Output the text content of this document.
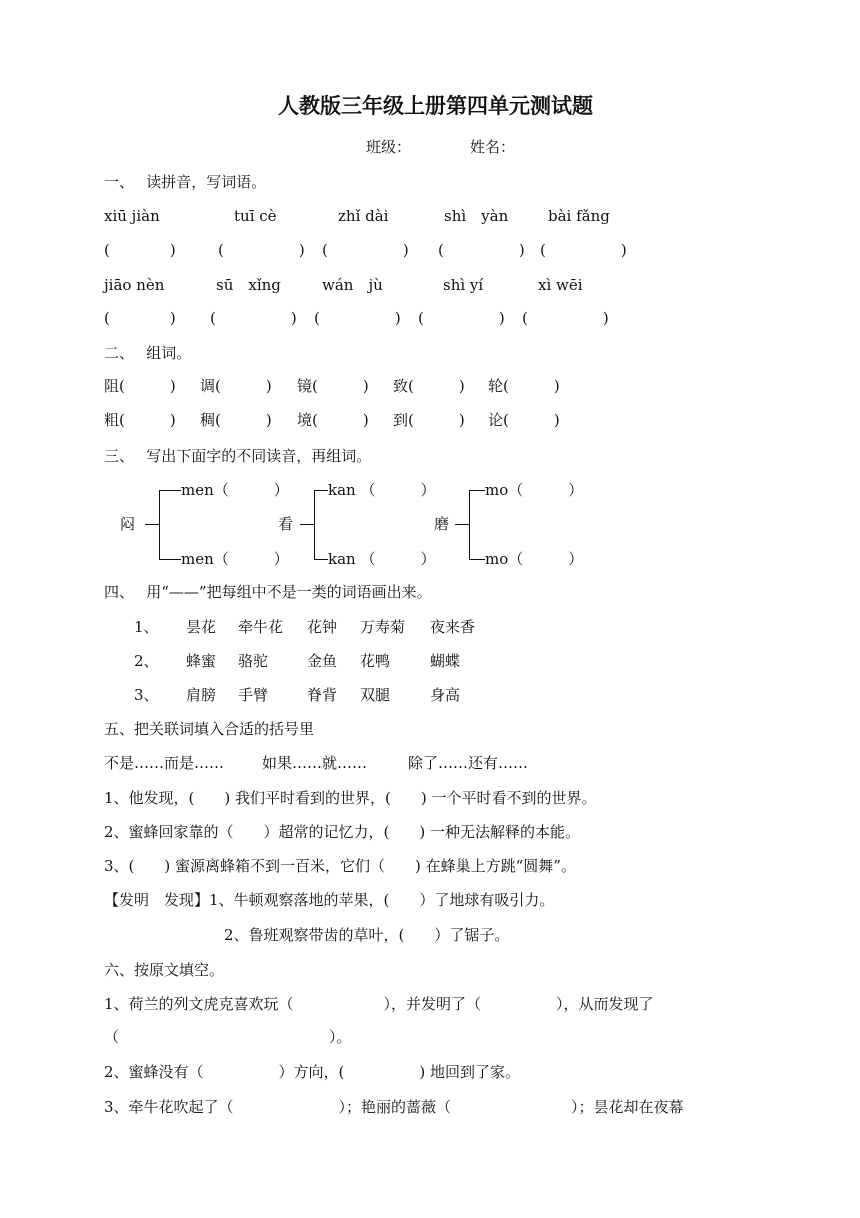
人教版三年级上册第四单元测试题
班级：	姓名：
一、　 读拼音，写词语。
xiū jiàn	tuī cè	zhǐ dài	shì　yàn	bài fǎng
(　　　　)	(　　　　　) (　　　　　) (　　　　　) (　　　　　)
jiāo nèn	sū　xǐng	wán　jù	shì yí	xì wēi
(　　　　) (　　　　　) (　　　　　) (　　　　　) (　　　　　)
二、　 组词。
阻(　　　) 调(　　　) 镜(　　　) 致(　　　) 轮(　　　)
粗(　　　) 稠(　　　) 境(　　　) 到(　　　) 论(　　　)
三、　 写出下面字的不同读音，再组词。
闷
men（　　　）
men（　　　）
看
kan （　　　）
kan （　　　）
磨
mo（　　　）
mo（　　　）
四、　 用“——”把每组中不是一类的词语画出来。
1、 昙花 牵牛花 花钟 万寿菊 夜来香
2、 蜂蜜 骆驼	金鱼 花鸭	蝴蝶
3、 肩膀 手臂	脊背 双腿	身高
五、把关联词填入合适的括号里
不是……而是……	如果……就……	除了……还有……
1、他发现，(　　) 我们平时看到的世界，(　　) 一个平时看不到的世界。
2、蜜蜂回家靠的（　　）超常的记忆力，(　　) 一种无法解释的本能。
3、(　　) 蜜源离蜂箱不到一百米，它们（　　) 在蜂巢上方跳“圆舞”。
【发明　发现】1、牛顿观察落地的苹果，(　　）了地球有吸引力。
2、鲁班观察带齿的草叶，(　　）了锯子。
六、按原文填空。
1、荷兰的列文虎克喜欢玩（　　　　　　），并发明了（　　　　　），从而发现了
（　　　　　　　　　　　　　　）。
2、蜜蜂没有（　　　　　）方向，(　　　　　) 地回到了家。
3、牵牛花吹起了（　　　　　　　）；艳丽的蔷薇（　　　　　　　　）；昙花却在夜幕
